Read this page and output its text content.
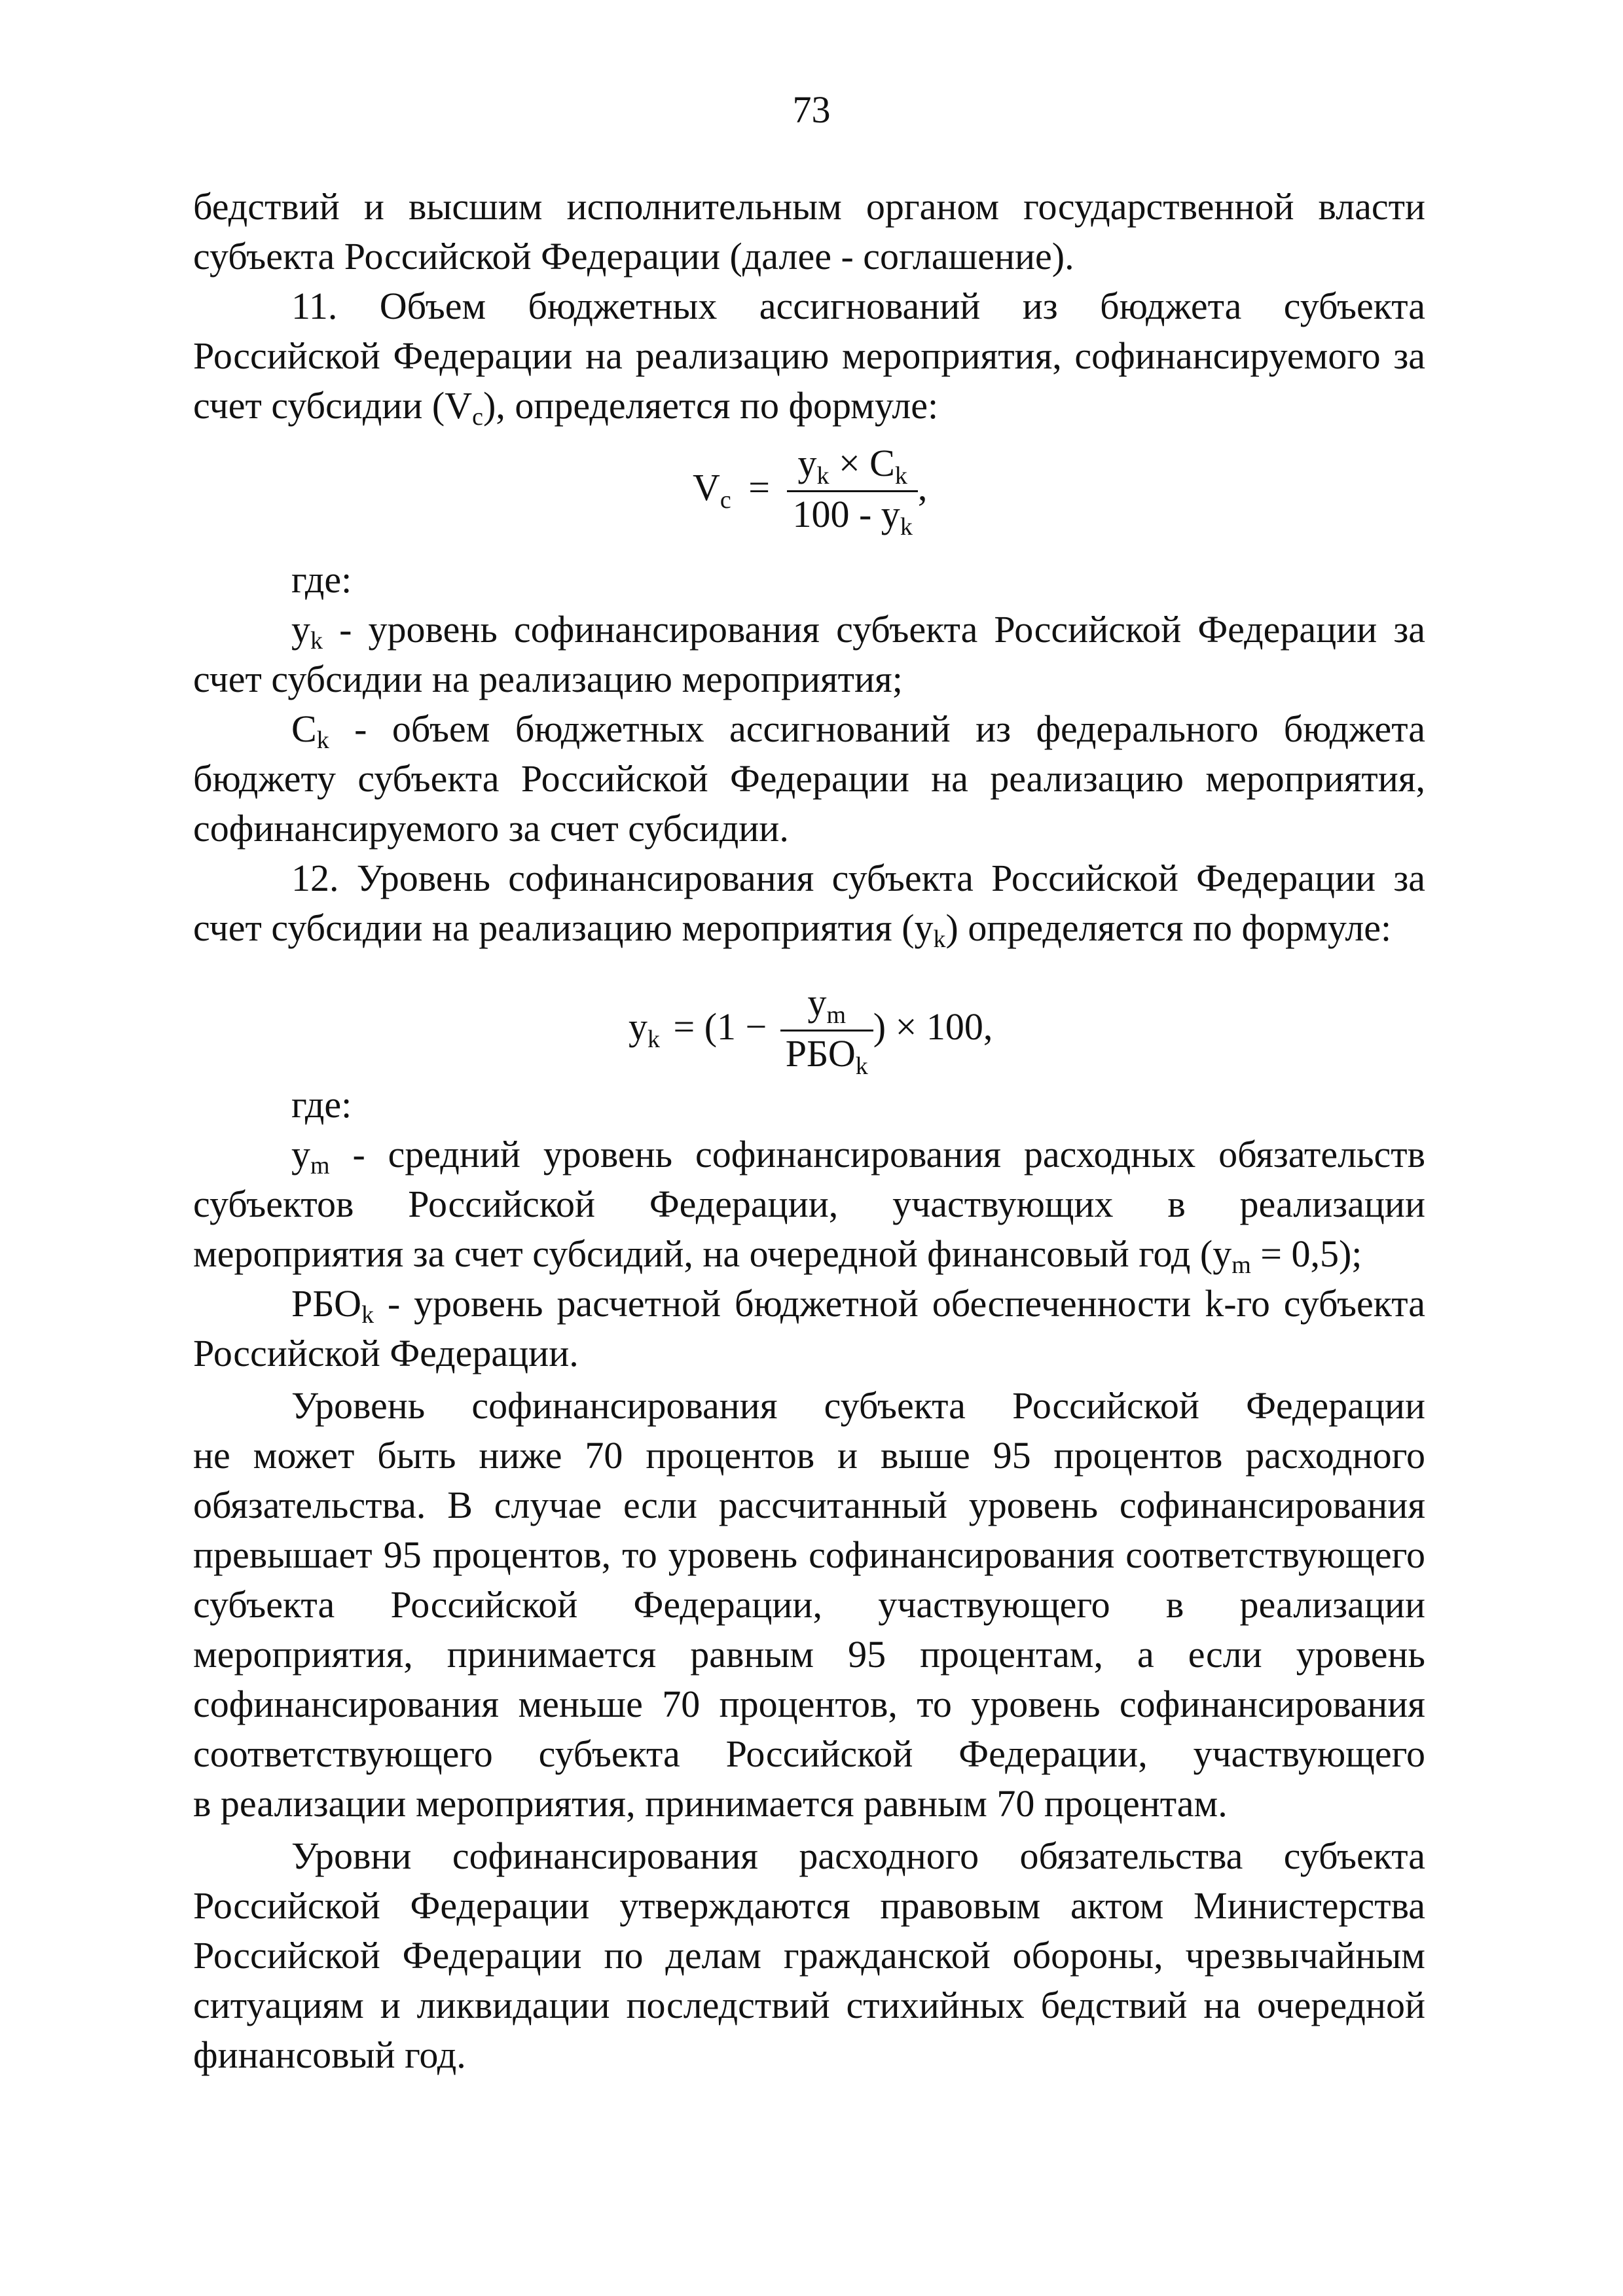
73
бедствий и высшим исполнительным органом государственной власти
субъекта Российской Федерации (далее - соглашение).
11. Объем бюджетных ассигнований из бюджета субъекта
Российской Федерации на реализацию мероприятия, софинансируемого за
счет субсидии $(V_с)$, определяется по формуле:
$V_c = \frac{y_k \times C_k}{100 - y_k}$ ,
где:
$y_k$ - уровень софинансирования субъекта Российской Федерации за
счет субсидии на реализацию мероприятия;
$C_k$ - объем бюджетных ассигнований из федерального бюджета
бюджету субъекта Российской Федерации на реализацию мероприятия,
софинансируемого за счет субсидии.
12. Уровень софинансирования субъекта Российской Федерации за
счет субсидии на реализацию мероприятия $(y_k)$ определяется по формуле:
$y_k = (1 - \frac{y_m}{РБО_k}$ ) × 100,
где:
$y_m$ - средний уровень софинансирования расходных обязательств
субъектов Российской Федерации, участвующих в реализации
мероприятия за счет субсидий, на очередной финансовый год $(y_m = 0,5)$;
$РБО_k$ - уровень расчетной бюджетной обеспеченности k-го субъекта
Российской Федерации.
Уровень софинансирования субъекта Российской Федерации
не может быть ниже 70 процентов и выше 95 процентов расходного
обязательства. В случае если рассчитанный уровень софинансирования
превышает 95 процентов, то уровень софинансирования соответствующего
субъекта Российской Федерации, участвующего в реализации
мероприятия, принимается равным 95 процентам, а если уровень
софинансирования меньше 70 процентов, то уровень софинансирования
соответствующего субъекта Российской Федерации, участвующего
в реализации мероприятия, принимается равным 70 процентам.
Уровни софинансирования расходного обязательства субъекта
Российской Федерации утверждаются правовым актом Министерства
Российской Федерации по делам гражданской обороны, чрезвычайным
ситуациям и ликвидации последствий стихийных бедствий на очередной
финансовый год.
